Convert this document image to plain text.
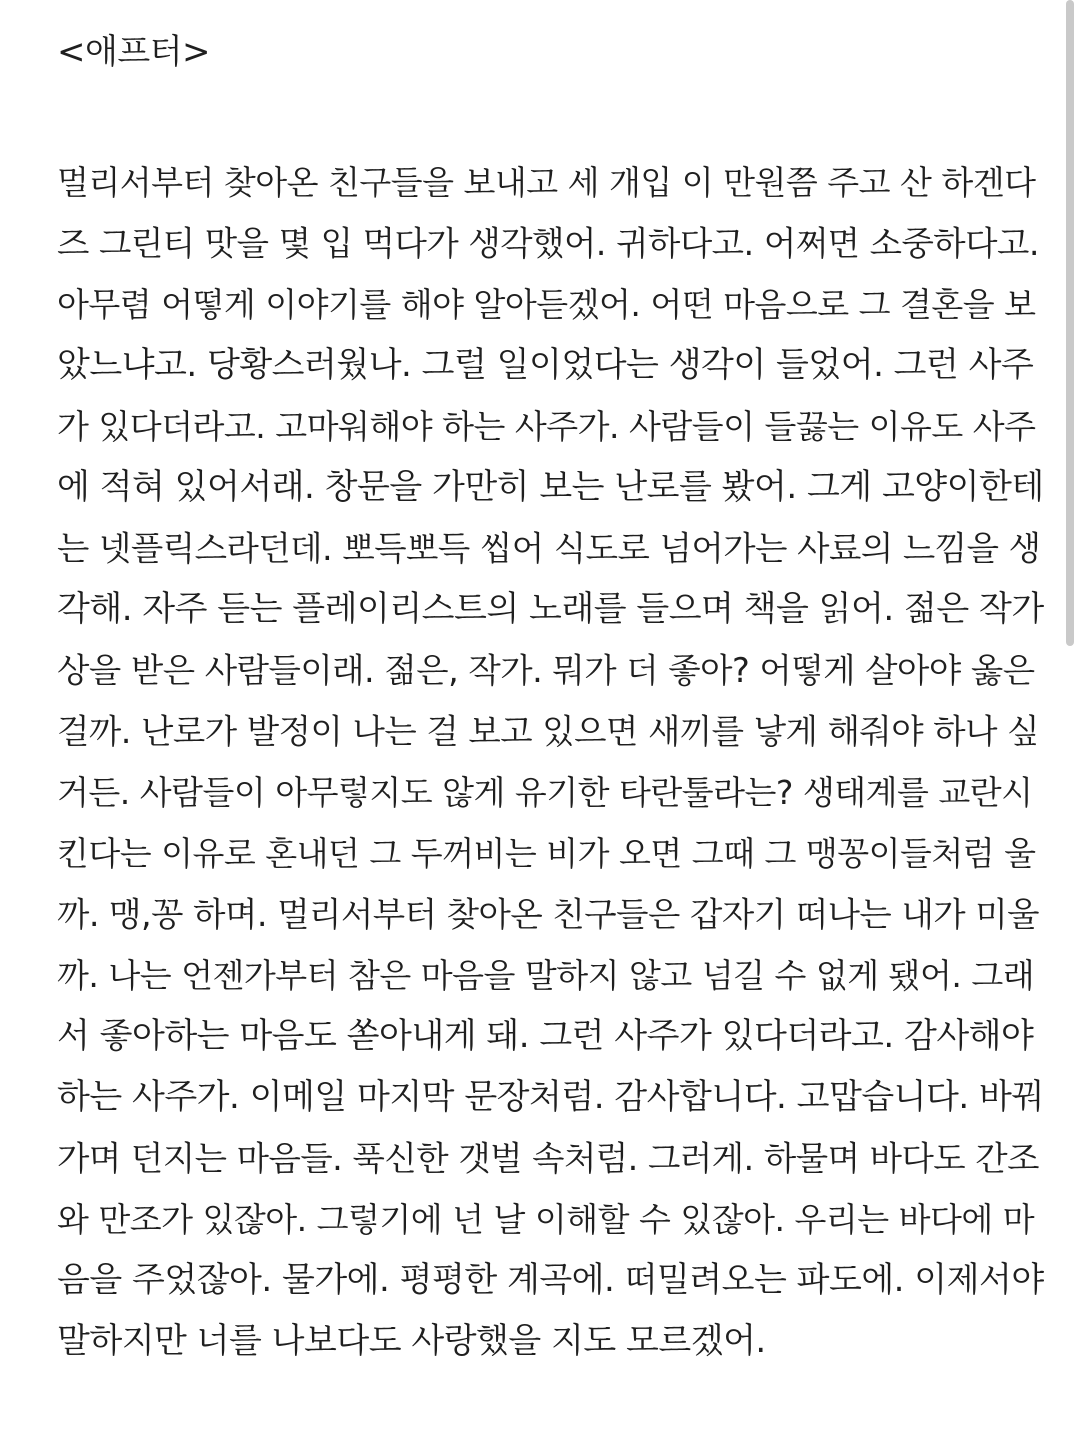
<애프터>
멀리서부터 찾아온 친구들을 보내고 세 개입 이 만원쯤 주고 산 하겐다
즈 그린티 맛을 몇 입 먹다가 생각했어. 귀하다고. 어쩌면 소중하다고.
아무렴 어떻게 이야기를 해야 알아듣겠어. 어떤 마음으로 그 결혼을 보
았느냐고. 당황스러웠나. 그럴 일이었다는 생각이 들었어. 그런 사주
가 있다더라고. 고마워해야 하는 사주가. 사람들이 들끓는 이유도 사주
에 적혀 있어서래. 창문을 가만히 보는 난로를 봤어. 그게 고양이한테
는 넷플릭스라던데. 뽀득뽀득 씹어 식도로 넘어가는 사료의 느낌을 생
각해. 자주 듣는 플레이리스트의 노래를 들으며 책을 읽어. 젊은 작가
상을 받은 사람들이래. 젊은, 작가. 뭐가 더 좋아? 어떻게 살아야 옳은
걸까. 난로가 발정이 나는 걸 보고 있으면 새끼를 낳게 해줘야 하나 싶
거든. 사람들이 아무렇지도 않게 유기한 타란툴라는? 생태계를 교란시
킨다는 이유로 혼내던 그 두꺼비는 비가 오면 그때 그 맹꽁이들처럼 울
까. 맹,꽁 하며. 멀리서부터 찾아온 친구들은 갑자기 떠나는 내가 미울
까. 나는 언젠가부터 참은 마음을 말하지 않고 넘길 수 없게 됐어. 그래
서 좋아하는 마음도 쏟아내게 돼. 그런 사주가 있다더라고. 감사해야
하는 사주가. 이메일 마지막 문장처럼. 감사합니다. 고맙습니다. 바꿔
가며 던지는 마음들. 푹신한 갯벌 속처럼. 그러게. 하물며 바다도 간조
와 만조가 있잖아. 그렇기에 넌 날 이해할 수 있잖아. 우리는 바다에 마
음을 주었잖아. 물가에. 평평한 계곡에. 떠밀려오는 파도에. 이제서야
말하지만 너를 나보다도 사랑했을 지도 모르겠어.
